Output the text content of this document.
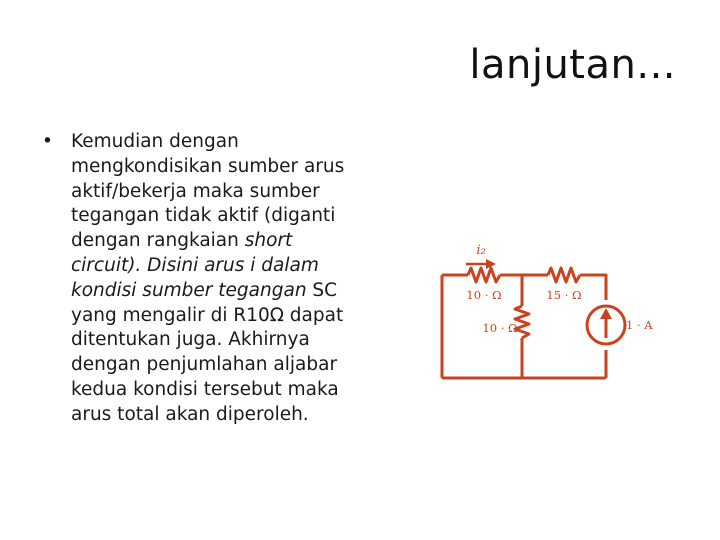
lanjutan...
• Kemudian dengan mengkondisikan sumber arus aktif/bekerja maka sumber tegangan tidak aktif (diganti dengan rangkaian short circuit). Disini arus i dalam kondisi sumber tegangan SC yang mengalir di R10Ω dapat ditentukan juga. Akhirnya dengan penjumlahan aljabar kedua kondisi tersebut maka arus total akan diperoleh.
i₂
10 · Ω	15 · Ω
10 · Ω	1 · A
